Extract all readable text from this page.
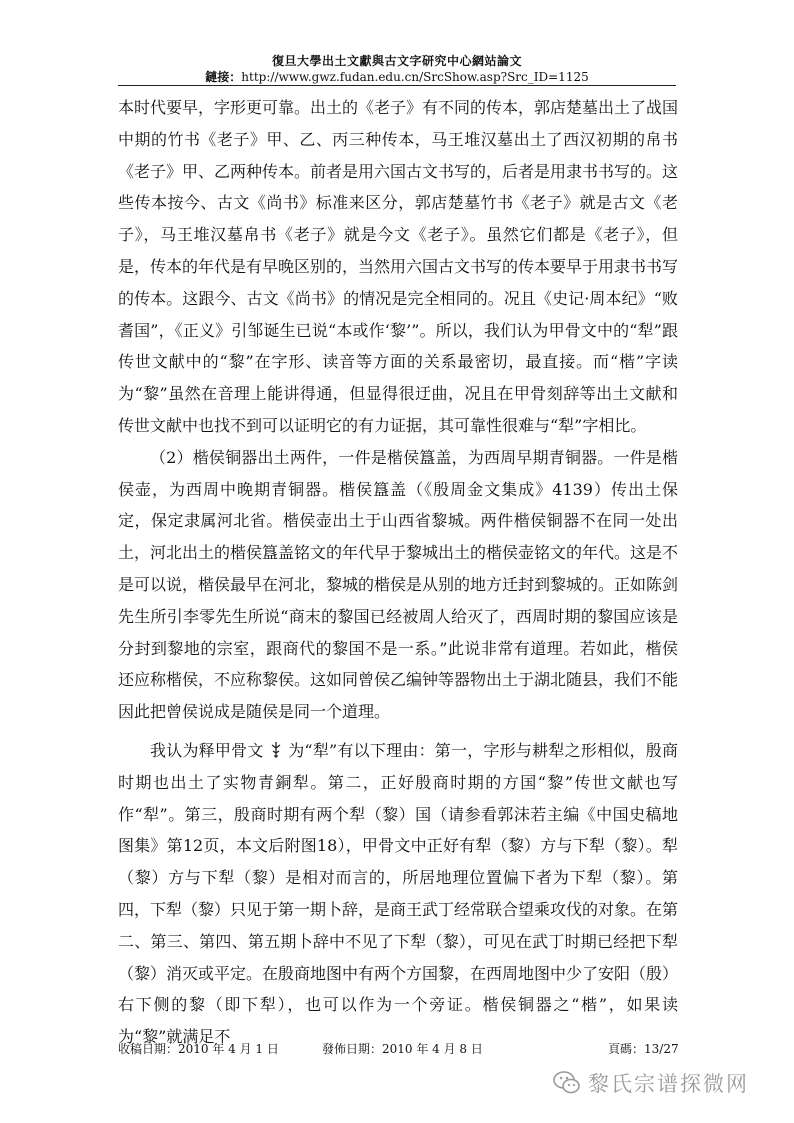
復旦大學出土文獻與古文字研究中心網站論文
鏈接：http://www.gwz.fudan.edu.cn/SrcShow.asp?Src_ID=1125

本时代要早，字形更可靠。出土的《老子》有不同的传本，郭店楚墓出土了战国中期的竹书《老子》甲、乙、丙三种传本，马王堆汉墓出土了西汉初期的帛书《老子》甲、乙两种传本。前者是用六国古文书写的，后者是用隶书书写的。这些传本按今、古文《尚书》标准来区分，郭店楚墓竹书《老子》就是古文《老子》，马王堆汉墓帛书《老子》就是今文《老子》。虽然它们都是《老子》，但是，传本的年代是有早晚区别的，当然用六国古文书写的传本要早于用隶书书写的传本。这跟今、古文《尚书》的情况是完全相同的。况且《史记·周本纪》“败耆国”，《正义》引邹诞生已说“本或作‘黎’”。所以，我们认为甲骨文中的“犁”跟传世文献中的“黎”在字形、读音等方面的关系最密切，最直接。而“楷”字读为“黎”虽然在音理上能讲得通，但显得很迂曲，况且在甲骨刻辞等出土文献和传世文献中也找不到可以证明它的有力证据，其可靠性很难与“犁”字相比。

（2）楷侯铜器出土两件，一件是楷侯簋盖，为西周早期青铜器。一件是楷侯壶，为西周中晚期青铜器。楷侯簋盖（《殷周金文集成》4139）传出土保定，保定隶属河北省。楷侯壶出土于山西省黎城。两件楷侯铜器不在同一处出土，河北出土的楷侯簋盖铭文的年代早于黎城出土的楷侯壶铭文的年代。这是不是可以说，楷侯最早在河北，黎城的楷侯是从别的地方迁封到黎城的。正如陈剑先生所引李零先生所说“商末的黎国已经被周人给灭了，西周时期的黎国应该是分封到黎地的宗室，跟商代的黎国不是一系。”此说非常有道理。若如此，楷侯还应称楷侯，不应称黎侯。这如同曾侯乙编钟等器物出土于湖北随县，我们不能因此把曾侯说成是随侯是同一个道理。

我认为释甲骨文 为“犁”有以下理由：第一，字形与耕犁之形相似，殷商时期也出土了实物青銅犁。第二，正好殷商时期的方国“黎”传世文献也写作“犁”。第三，殷商时期有两个犁（黎）国（请参看郭沫若主编《中国史稿地图集》第12页，本文后附图18），甲骨文中正好有犁（黎）方与下犁（黎）。犁（黎）方与下犁（黎）是相对而言的，所居地理位置偏下者为下犁（黎）。第四，下犁（黎）只见于第一期卜辞，是商王武丁经常联合望乘攻伐的对象。在第二、第三、第四、第五期卜辞中不见了下犁（黎），可见在武丁时期已经把下犁（黎）消灭或平定。在殷商地图中有两个方国黎，在西周地图中少了安阳（殷）右下侧的黎（即下犁），也可以作为一个旁证。楷侯铜器之“楷”，如果读为“黎”就满足不

收稿日期：2010 年 4 月 1 日	發佈日期：2010 年 4 月 8 日	頁碼：13/27
黎氏宗谱探微网
